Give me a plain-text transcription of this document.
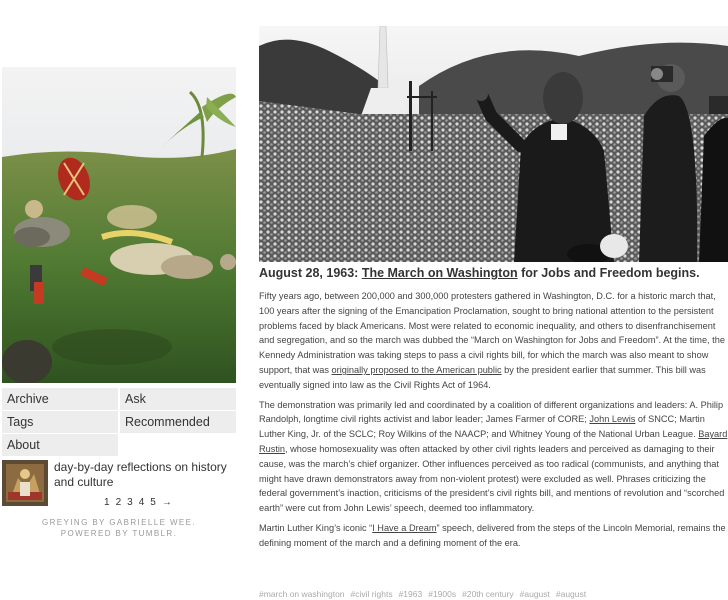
Archive	Ask
Tags	Recommended
About
day-by-day reflections on history and culture
1 2 3 4 5 →
GREYING BY GABRIELLE WEE.
POWERED BY TUMBLR.
August 28, 1963: The March on Washington for Jobs and Freedom begins.

Fifty years ago, between 200,000 and 300,000 protesters gathered in Washington, D.C. for a historic march that, 100 years after the signing of the Emancipation Proclamation, sought to bring national attention to the persistent problems faced by black Americans. Most were related to economic inequality, and others to disenfranchisement and segregation, and so the march was dubbed the “March on Washington for Jobs and Freedom”. At the time, the Kennedy Administration was taking steps to pass a civil rights bill, for which the march was also meant to show support, that was originally proposed to the American public by the president earlier that summer. This bill was eventually signed into law as the Civil Rights Act of 1964.

The demonstration was primarily led and coordinated by a coalition of different organizations and leaders: A. Philip Randolph, longtime civil rights activist and labor leader; James Farmer of CORE; John Lewis of SNCC; Martin Luther King, Jr. of the SCLC; Roy Wilkins of the NAACP; and Whitney Young of the National Urban League. Bayard Rustin, whose homosexuality was often attacked by other civil rights leaders and perceived as damaging to their cause, was the march’s chief organizer. Other influences perceived as too radical (communists, and anything that might have drawn demonstrators away from non-violent protest) were excluded as well. Phrases criticizing the federal government’s inaction, criticisms of the president’s civil rights bill, and mentions of revolution and “scorched earth” were cut from John Lewis’ speech, deemed too inflammatory.

Martin Luther King’s iconic “I Have a Dream” speech, delivered from the steps of the Lincoln Memorial, remains the defining moment of the march and a defining moment of the era.

#march on washington #civil rights #1963 #1900s #20th century #august #august
